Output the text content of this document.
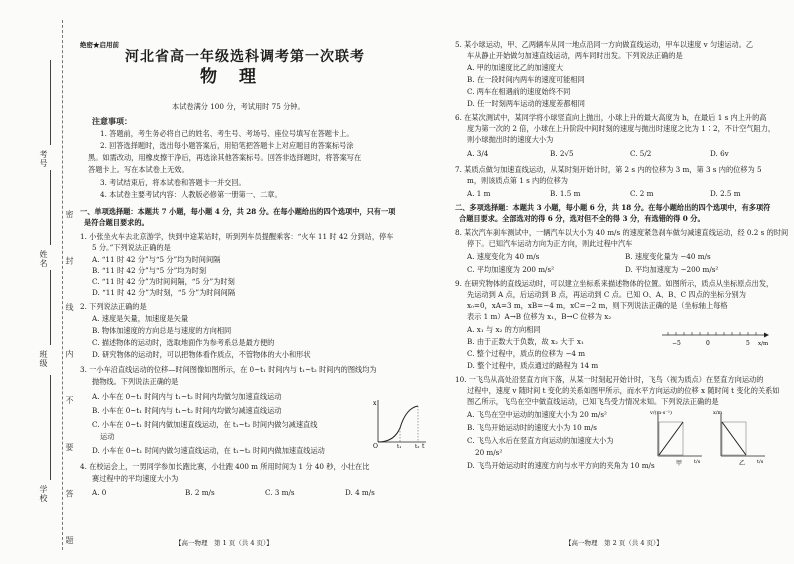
考号
姓名
班级
学校 密 封 线 内 不 要 答 题
绝密★启用前
河北省高一年级选科调考第一次联考
物理
本试卷满分 100 分，考试用时 75 分钟。
注意事项：
1. 答题前，考生务必将自己的姓名、考生号、考场号、座位号填写在答题卡上。
2. 回答选择题时，选出每小题答案后，用铅笔把答题卡上对应题目的答案标号涂
黑。如需改动，用橡皮擦干净后，再选涂其他答案标号。回答非选择题时，将答案写在
答题卡上。写在本试卷上无效。
3. 考试结束后，将本试卷和答题卡一并交回。
4. 本试卷主要考试内容：人教版必修第一册第一、二章。
一、单项选择题：本题共 7 小题，每小题 4 分，共 28 分。在每小题给出的四个选项中，只有一项
是符合题目要求的。
1. 小张坐火车去北京游学，快到中途某站时，听到列车员提醒乘客：“火车 11 时 42 分到站，停车
5 分。”下列说法正确的是
A. “11 时 42 分”与“5 分”均为时间间隔
B. “11 时 42 分”与“5 分”均为时刻
C. “11 时 42 分”为时间间隔，“5 分”为时刻
D. “11 时 42 分”为时刻，“5 分”为时间间隔
2. 下列说法正确的是
A. 速度是矢量，加速度是矢量
B. 物体加速度的方向总是与速度的方向相同
C. 描述物体的运动时，选取地面作为参考系总是最方便的
D. 研究物体的运动时，可以把物体看作质点，不管物体的大小和形状
3. 一小车沿直线运动的位移—时间图像如图所示，在 0~t₁ 时间内与 t₁~t₂ 时间内的图线均为
抛物线。下列说法正确的是
A. 小车在 0~t₁ 时间内与 t₁~t₂ 时间内均做匀加速直线运动
B. 小车在 0~t₁ 时间内与 t₁~t₂ 时间内均做匀减速直线运动
C. 小车在 0~t₁ 时间内做加速直线运动，在 t₁~t₂ 时间内做匀减速直线
运动
D. 小车在 0~t₁ 时间内做匀速直线运动，在 t₁~t₂ 时间内做加速直线运动
x
t
O	t₁ t₂
4. 在校运会上，一男同学参加长跑比赛，小壮跑 400 m 所用时间为 1 分 40 秒，小壮在比
赛过程中的平均速度大小为
A. 0	B. 2 m/s	C. 3 m/s	D. 4 m/s
【高一物理　第 1 页（共 4 页）】
5. 某小球运动，甲、乙两辆车从同一地点沿同一方向做直线运动，甲车以速度 v 匀速运动。乙
车从静止开始做匀加速直线运动，两车同时出发。下列说法正确的是
A. 甲的加速度比乙的加速度大
B. 在一段时间内两车的速度可能相同
C. 两车在相遇前的速度始终不同
D. 任一时刻两车运动的速度差都相同
6. 在某次测试中，某同学将小球竖直向上抛出，小球上升的最大高度为 h，在最后 1 s 内上升的高
度为第一次的 2 倍，小球在上升阶段中间时刻的速度与抛出时速度之比为 1∶2，不计空气阻力，
则小球抛出时的速度大小为
A. 3/4	B. 2√5	C. 5/2	D. 6v
7. 某质点做匀加速直线运动，从某时刻开始计时，第 2 s 内的位移为 3 m，第 3 s 内的位移为 5
m，则该质点第 1 s 内的位移为
A. 1 m	B. 1.5 m	C. 2 m	D. 2.5 m
二、多项选择题：本题共 3 小题，每小题 6 分，共 18 分。在每小题给出的四个选项中，有多项符
合题目要求。全部选对的得 6 分，选对但不全的得 3 分，有选错的得 0 分。
8. 某次汽车刹车测试中，一辆汽车以大小为 40 m/s 的速度紧急刹车做匀减速直线运动，经 0.2 s 的时间
停下。已知汽车运动方向为正方向，则此过程中汽车
A. 速度变化为 40 m/s	B. 速度变化量为 −40 m/s
C. 平均加速度为 200 m/s²	D. 平均加速度为 −200 m/s²
9. 在研究物体的直线运动时，可以建立坐标系来描述物体的位置。如图所示，质点从坐标原点出发，
先运动到 A 点，后运动到 B 点，再运动到 C 点。已知 O、A、B、C 四点的坐标分别为
x₀=0，xA=3 m，xB=−4 m，xC=−2 m，则下列说法正确的是（坐标轴上每格
表示 1 m）A→B 位移为 x₁，B→C 位移为 x₂
A. x₁ 与 x₂ 的方向相同
B. 由于正数大于负数，故 x₂ 大于 x₁
C. 整个过程中，质点的位移为 −4 m
D. 整个过程中，质点通过的路程为 14 m
−5	0	5 x/m
10. 一飞鸟从高处沿竖直方向下落，从某一时刻起开始计时，飞鸟（视为质点）在竖直方向运动的
过程中，速度 v 随时间 t 变化的关系如图甲所示，而水平方向运动的位移 x 随时间 t 变化的关系如
图乙所示，飞鸟在空中做直线运动，已知飞鸟受力情况未知。下列说法正确的是
A. 飞鸟在空中运动的加速度大小为 20 m/s²
B. 飞鸟开始运动时的速度大小为 10 m/s
C. 飞鸟入水后在竖直方向运动的加速度大小为
20 m/s²
D. 飞鸟开始运动时的速度方向与水平方向的夹角为 10 m/s
v/(m·s⁻¹)
t/s
甲
x/m
t/s
乙
【高一物理　第 2 页（共 4 页）】
